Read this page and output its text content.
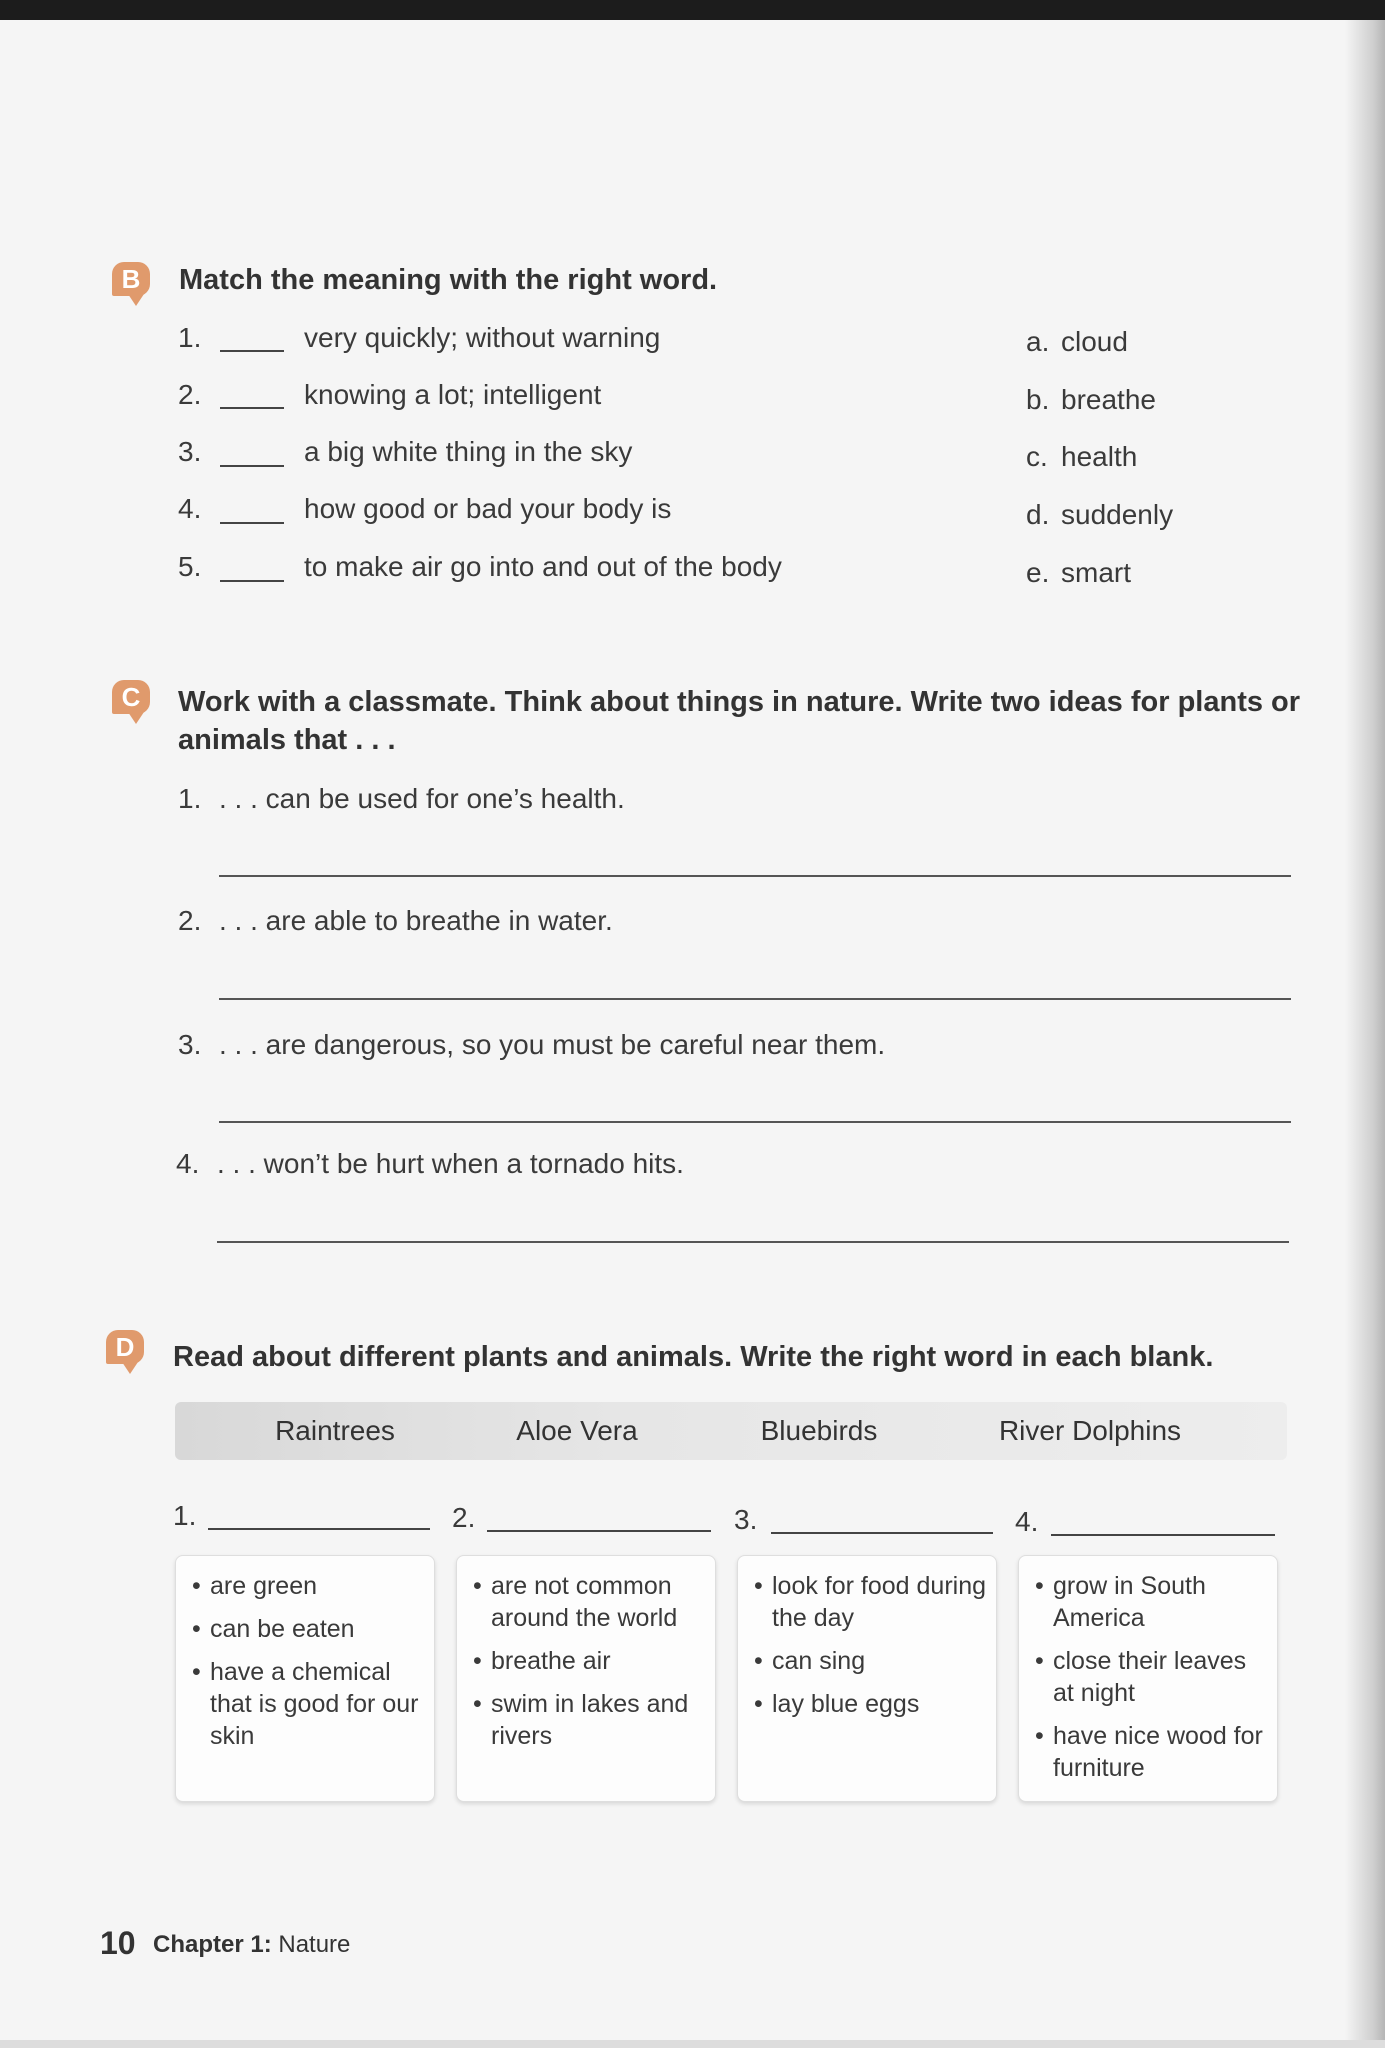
B	Match the meaning with the right word.
1.	very quickly; without warning
2.	knowing a lot; intelligent
3.	a big white thing in the sky
4.	how good or bad your body is
5.	to make air go into and out of the body
a. cloud
b. breathe
c. health
d. suddenly
e. smart
C	Work with a classmate. Think about things in nature. Write two ideas for plants or
animals that . . .
1. . . . can be used for one’s health.
2. . . . are able to breathe in water.
3. . . . are dangerous, so you must be careful near them.
4. . . . won’t be hurt when a tornado hits.
D	Read about different plants and animals. Write the right word in each blank.
Raintrees	Aloe Vera	Bluebirds	River Dolphins
1.	2.	3.	4.
• are green
• can be eaten
• have a chemical that is good for our skin
• are not common around the world
• breathe air
• swim in lakes and rivers
• look for food during the day
• can sing
• lay blue eggs
• grow in South America
• close their leaves at night
• have nice wood for furniture
10 Chapter 1: Nature
